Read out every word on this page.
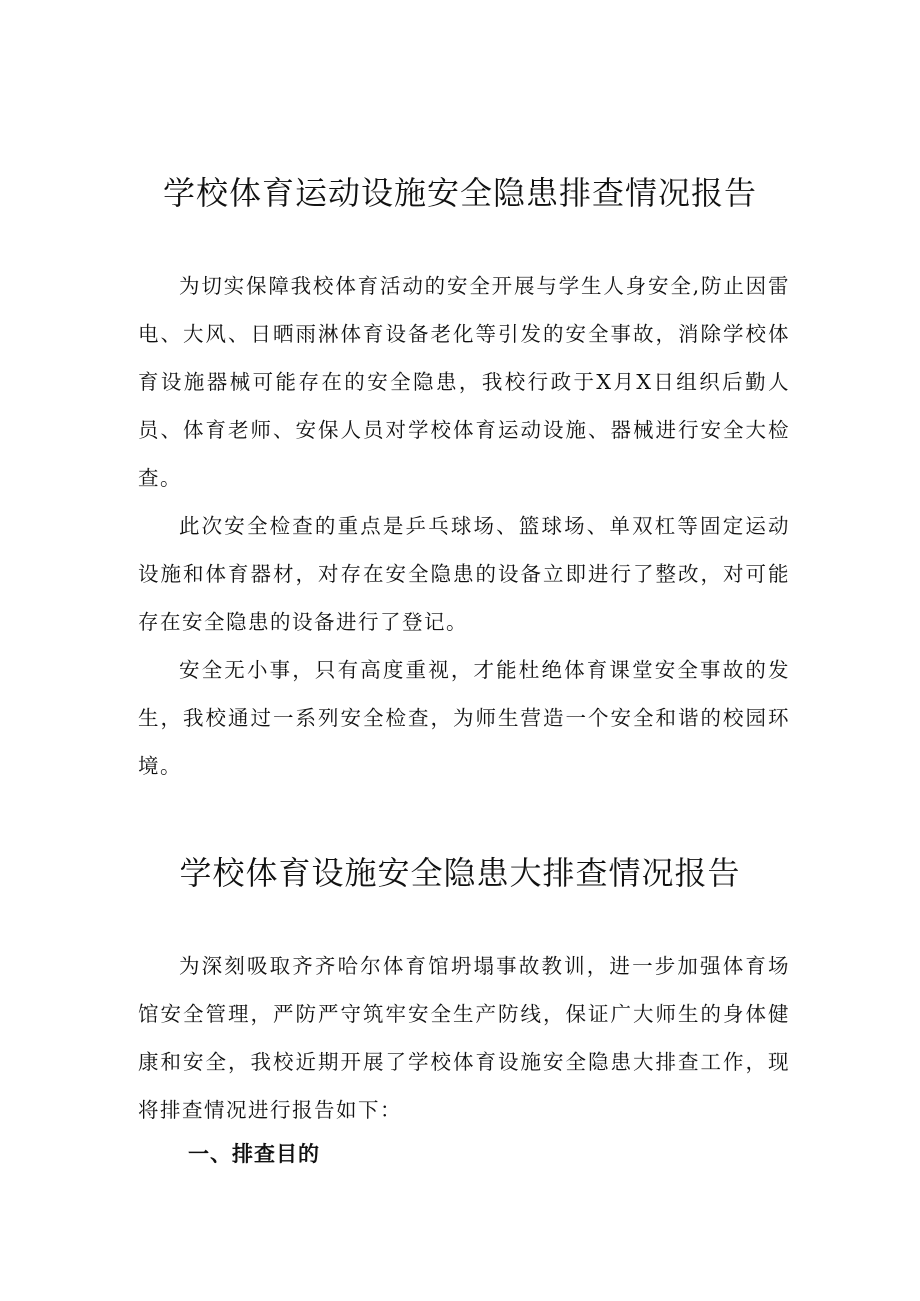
学校体育运动设施安全隐患排查情况报告

为切实保障我校体育活动的安全开展与学生人身安全,防止因雷电、大风、日晒雨淋体育设备老化等引发的安全事故，消除学校体育设施器械可能存在的安全隐患，我校行政于X月X日组织后勤人员、体育老师、安保人员对学校体育运动设施、器械进行安全大检查。

此次安全检查的重点是乒乓球场、篮球场、单双杠等固定运动设施和体育器材，对存在安全隐患的设备立即进行了整改，对可能存在安全隐患的设备进行了登记。

安全无小事，只有高度重视，才能杜绝体育课堂安全事故的发生，我校通过一系列安全检查，为师生营造一个安全和谐的校园环境。

学校体育设施安全隐患大排查情况报告

为深刻吸取齐齐哈尔体育馆坍塌事故教训，进一步加强体育场馆安全管理，严防严守筑牢安全生产防线，保证广大师生的身体健康和安全，我校近期开展了学校体育设施安全隐患大排查工作，现将排查情况进行报告如下：

一、排查目的
